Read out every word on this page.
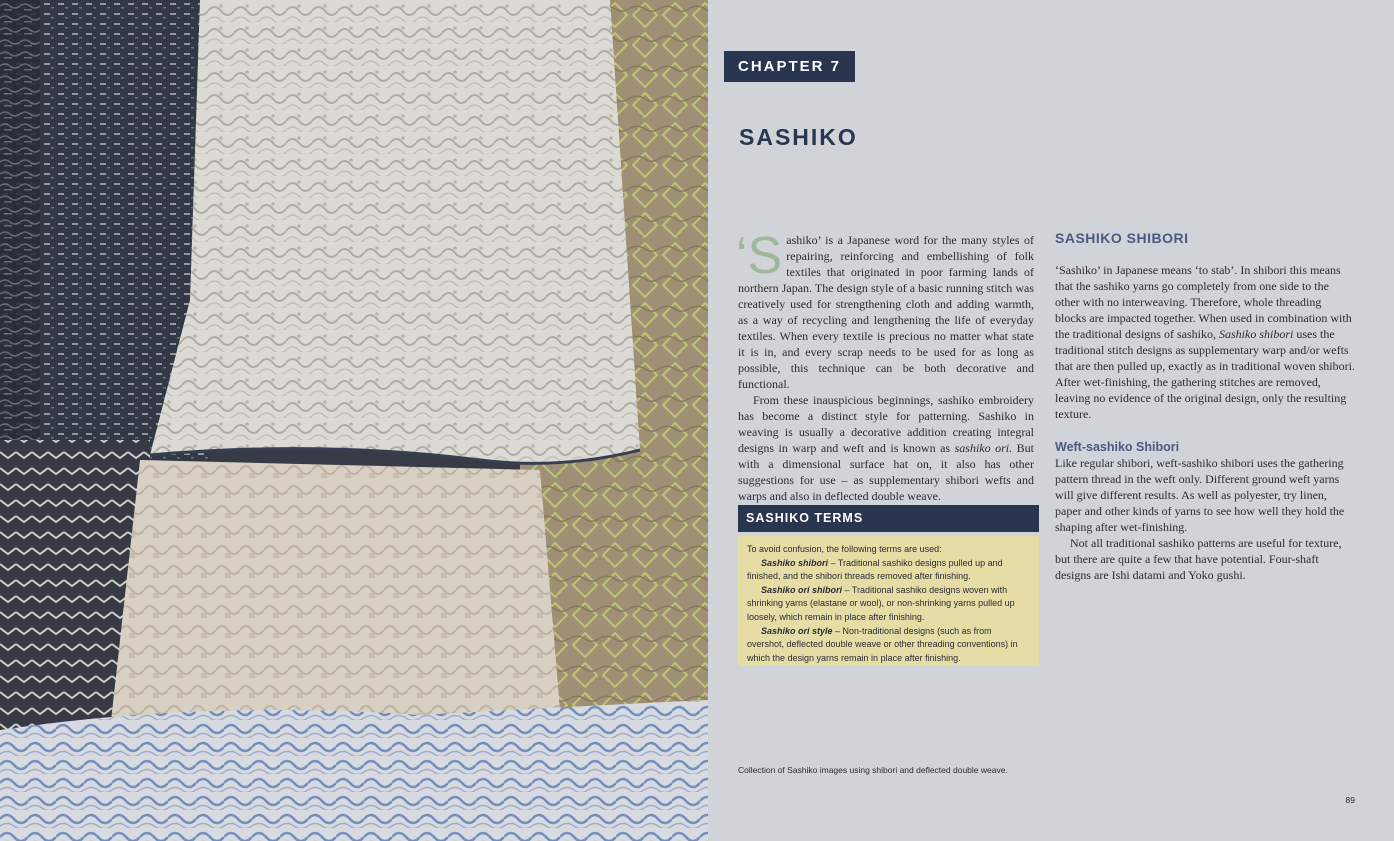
CHAPTER 7
SASHIKO

‘Sashiko’ is a Japanese word for the many styles of repairing, reinforcing and embellishing of folk textiles that originated in poor farming lands of northern Japan. The design style of a basic running stitch was creatively used for strengthening cloth and adding warmth, as a way of recycling and lengthening the life of everyday textiles. When every textile is precious no matter what state it is in, and every scrap needs to be used for as long as possible, this technique can be both decorative and functional.

From these inauspicious beginnings, sashiko embroidery has become a distinct style for patterning. Sashiko in weaving is usually a decorative addition creating integral designs in warp and weft and is known as sashiko ori. But with a dimensional surface hat on, it also has other suggestions for use – as supplementary shibori wefts and warps and also in deflected double weave.

SASHIKO TERMS

To avoid confusion, the following terms are used:

Sashiko shibori – Traditional sashiko designs pulled up and finished, and the shibori threads removed after finishing.

Sashiko ori shibori – Traditional sashiko designs woven with shrinking yarns (elastane or wool), or non-shrinking yarns pulled up loosely, which remain in place after finishing.

Sashiko ori style – Non-traditional designs (such as from overshot, deflected double weave or other threading conventions) in which the design yarns remain in place after finishing.

SASHIKO SHIBORI

‘Sashiko’ in Japanese means ‘to stab’. In shibori this means that the sashiko yarns go completely from one side to the other with no interweaving. Therefore, whole threading blocks are impacted together. When used in combination with the traditional designs of sashiko, Sashiko shibori uses the traditional stitch designs as supplementary warp and/or wefts that are then pulled up, exactly as in traditional woven shibori. After wet-finishing, the gathering stitches are removed, leaving no evidence of the original design, only the resulting texture.

Weft-sashiko Shibori

Like regular shibori, weft-sashiko shibori uses the gathering pattern thread in the weft only. Different ground weft yarns will give different results. As well as polyester, try linen, paper and other kinds of yarns to see how well they hold the shaping after wet-finishing.

Not all traditional sashiko patterns are useful for texture, but there are quite a few that have potential. Four-shaft designs are Ishi datami and Yoko gushi.

Collection of Sashiko images using shibori and deflected double weave.
89
